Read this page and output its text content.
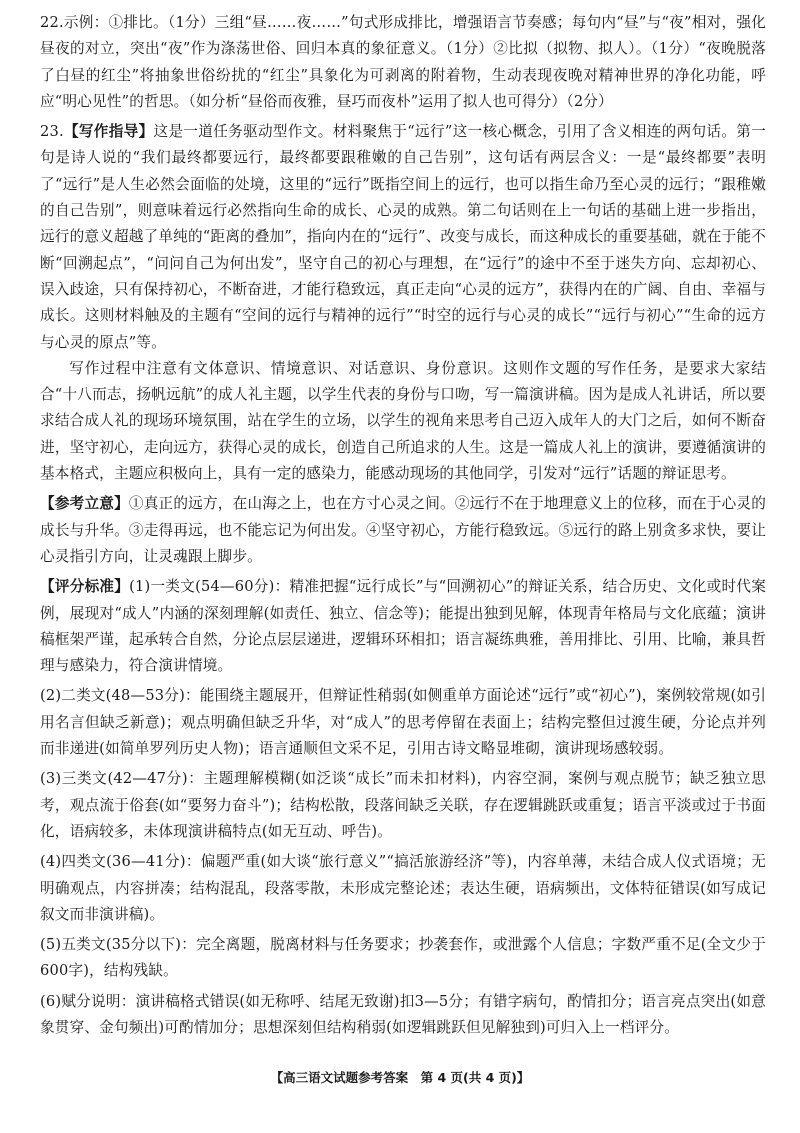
22.示例：①排比。（1分）三组“昼……夜……”句式形成排比，增强语言节奏感；每句内“昼”与“夜”相对，强化昼夜的对立，突出“夜”作为涤荡世俗、回归本真的象征意义。（1分）②比拟（拟物、拟人）。（1分）“夜晚脱落了白昼的红尘”将抽象世俗纷扰的“红尘”具象化为可剥离的附着物，生动表现夜晚对精神世界的净化功能，呼应“明心见性”的哲思。（如分析“昼俗而夜雅，昼巧而夜朴”运用了拟人也可得分）（2分）

23.【写作指导】这是一道任务驱动型作文。材料聚焦于“远行”这一核心概念，引用了含义相连的两句话。第一句是诗人说的“我们最终都要远行，最终都要跟稚嫩的自己告别”，这句话有两层含义：一是“最终都要”表明了“远行”是人生必然会面临的处境，这里的“远行”既指空间上的远行，也可以指生命乃至心灵的远行；“跟稚嫩的自己告别”，则意味着远行必然指向生命的成长、心灵的成熟。第二句话则在上一句话的基础上进一步指出，远行的意义超越了单纯的“距离的叠加”，指向内在的“远行”、改变与成长，而这种成长的重要基础，就在于能不断“回溯起点”，“问问自己为何出发”，坚守自己的初心与理想，在“远行”的途中不至于迷失方向、忘却初心、误入歧途，只有保持初心，不断奋进，才能行稳致远，真正走向“心灵的远方”，获得内在的广阔、自由、幸福与成长。这则材料触及的主题有“空间的远行与精神的远行”“时空的远行与心灵的成长”“远行与初心”“生命的远方与心灵的原点”等。

写作过程中注意有文体意识、情境意识、对话意识、身份意识。这则作文题的写作任务，是要求大家结合“十八而志，扬帆远航”的成人礼主题，以学生代表的身份与口吻，写一篇演讲稿。因为是成人礼讲话，所以要求结合成人礼的现场环境氛围，站在学生的立场，以学生的视角来思考自己迈入成年人的大门之后，如何不断奋进，坚守初心，走向远方，获得心灵的成长，创造自己所追求的人生。这是一篇成人礼上的演讲，要遵循演讲的基本格式，主题应积极向上，具有一定的感染力，能感动现场的其他同学，引发对“远行”话题的辩证思考。

【参考立意】①真正的远方，在山海之上，也在方寸心灵之间。②远行不在于地理意义上的位移，而在于心灵的成长与升华。③走得再远，也不能忘记为何出发。④坚守初心，方能行稳致远。⑤远行的路上别贪多求快，要让心灵指引方向，让灵魂跟上脚步。

【评分标准】(1)一类文(54—60分)：精准把握“远行成长”与“回溯初心”的辩证关系，结合历史、文化或时代案例，展现对“成人”内涵的深刻理解(如责任、独立、信念等)；能提出独到见解，体现青年格局与文化底蕴；演讲稿框架严谨，起承转合自然，分论点层层递进，逻辑环环相扣；语言凝练典雅，善用排比、引用、比喻，兼具哲理与感染力，符合演讲情境。

(2)二类文(48—53分)：能围绕主题展开，但辩证性稍弱(如侧重单方面论述“远行”或“初心”)，案例较常规(如引用名言但缺乏新意)；观点明确但缺乏升华，对“成人”的思考停留在表面上；结构完整但过渡生硬，分论点并列而非递进(如简单罗列历史人物)；语言通顺但文采不足，引用古诗文略显堆砌，演讲现场感较弱。

(3)三类文(42—47分)：主题理解模糊(如泛谈“成长”而未扣材料)，内容空洞，案例与观点脱节；缺乏独立思考，观点流于俗套(如“要努力奋斗”)；结构松散，段落间缺乏关联，存在逻辑跳跃或重复；语言平淡或过于书面化，语病较多，未体现演讲稿特点(如无互动、呼告)。

(4)四类文(36—41分)：偏题严重(如大谈“旅行意义”“搞活旅游经济”等)，内容单薄，未结合成人仪式语境；无明确观点，内容拼凑；结构混乱，段落零散，未形成完整论述；表达生硬，语病频出，文体特征错误(如写成记叙文而非演讲稿)。

(5)五类文(35分以下)：完全离题，脱离材料与任务要求；抄袭套作，或泄露个人信息；字数严重不足(全文少于600字)，结构残缺。

(6)赋分说明：演讲稿格式错误(如无称呼、结尾无致谢)扣3—5分；有错字病句，酌情扣分；语言亮点突出(如意象贯穿、金句频出)可酌情加分；思想深刻但结构稍弱(如逻辑跳跃但见解独到)可归入上一档评分。

【高三语文试题参考答案　第 4 页(共 4 页)】
